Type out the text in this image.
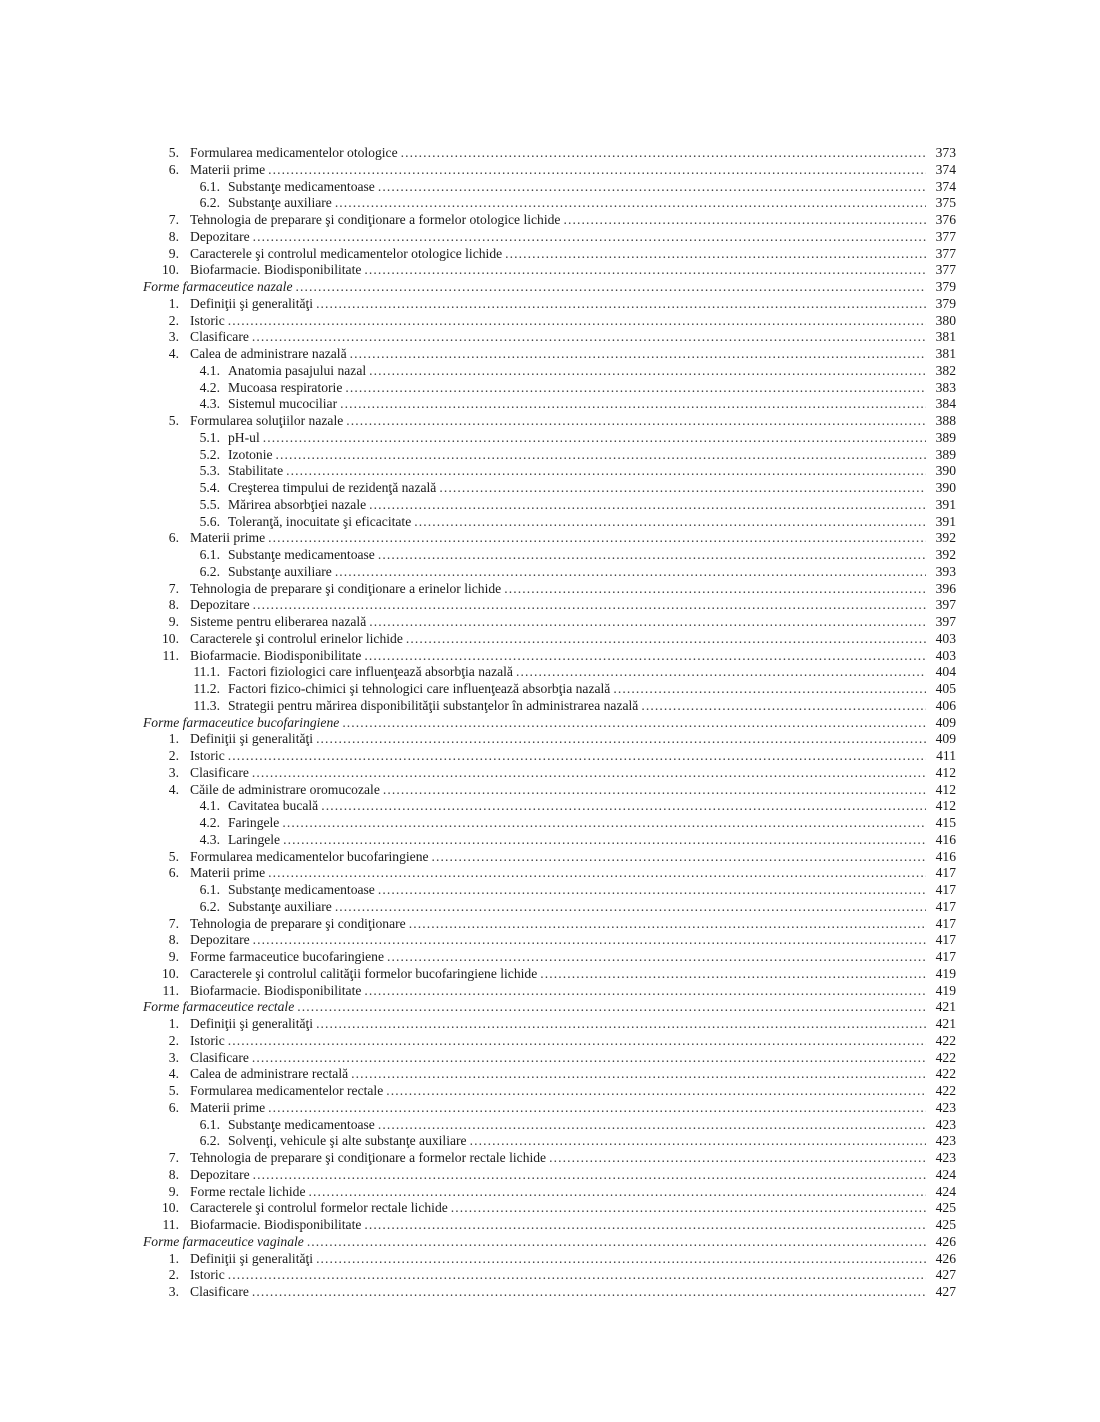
5. Formularea medicamentelor otologice .....	373
6. Materii prime .....	374
6.1. Substanţe medicamentoase .....	374
6.2. Substanţe auxiliare .....	375
7. Tehnologia de preparare şi condiţionare a formelor otologice lichide .....	376
8. Depozitare .....	377
9. Caracterele şi controlul medicamentelor otologice lichide .....	377
10. Biofarmacie. Biodisponibilitate .....	377
Forme farmaceutice nazale .....	379
1. Definiţii şi generalităţi .....	379
2. Istoric .....	380
3. Clasificare .....	381
4. Calea de administrare nazală .....	381
4.1. Anatomia pasajului nazal .....	382
4.2. Mucoasa respiratorie .....	383
4.3. Sistemul mucociliar .....	384
5. Formularea soluţiilor nazale .....	388
5.1. pH-ul .....	389
5.2. Izotonie .....	389
5.3. Stabilitate .....	390
5.4. Creşterea timpului de rezidenţă nazală .....	390
5.5. Mărirea absorbţiei nazale .....	391
5.6. Toleranţă, inocuitate şi eficacitate .....	391
6. Materii prime .....	392
6.1. Substanţe medicamentoase .....	392
6.2. Substanţe auxiliare .....	393
7. Tehnologia de preparare şi condiţionare a erinelor lichide .....	396
8. Depozitare .....	397
9. Sisteme pentru eliberarea nazală .....	397
10. Caracterele şi controlul erinelor lichide .....	403
11. Biofarmacie. Biodisponibilitate .....	403
11.1. Factori fiziologici care influenţează absorbţia nazală .....	404
11.2. Factori fizico-chimici şi tehnologici care influenţează absorbţia nazală .....	405
11.3. Strategii pentru mărirea disponibilităţii substanţelor în administrarea nazală .....	406
Forme farmaceutice bucofaringiene .....	409
1. Definiţii şi generalităţi .....	409
2. Istoric .....	411
3. Clasificare .....	412
4. Căile de administrare oromucozale .....	412
4.1. Cavitatea bucală .....	412
4.2. Faringele .....	415
4.3. Laringele .....	416
5. Formularea medicamentelor bucofaringiene .....	416
6. Materii prime .....	417
6.1. Substanţe medicamentoase .....	417
6.2. Substanţe auxiliare .....	417
7. Tehnologia de preparare şi condiţionare .....	417
8. Depozitare .....	417
9. Forme farmaceutice bucofaringiene .....	417
10. Caracterele şi controlul calităţii formelor bucofaringiene lichide .....	419
11. Biofarmacie. Biodisponibilitate .....	419
Forme farmaceutice rectale .....	421
1. Definiţii şi generalităţi .....	421
2. Istoric .....	422
3. Clasificare .....	422
4. Calea de administrare rectală .....	422
5. Formularea medicamentelor rectale .....	422
6. Materii prime .....	423
6.1. Substanţe medicamentoase .....	423
6.2. Solvenţi, vehicule şi alte substanţe auxiliare .....	423
7. Tehnologia de preparare şi condiţionare a formelor rectale lichide .....	423
8. Depozitare .....	424
9. Forme rectale lichide .....	424
10. Caracterele şi controlul formelor rectale lichide .....	425
11. Biofarmacie. Biodisponibilitate .....	425
Forme farmaceutice vaginale .....	426
1. Definiţii şi generalităţi .....	426
2. Istoric .....	427
3. Clasificare .....	427
